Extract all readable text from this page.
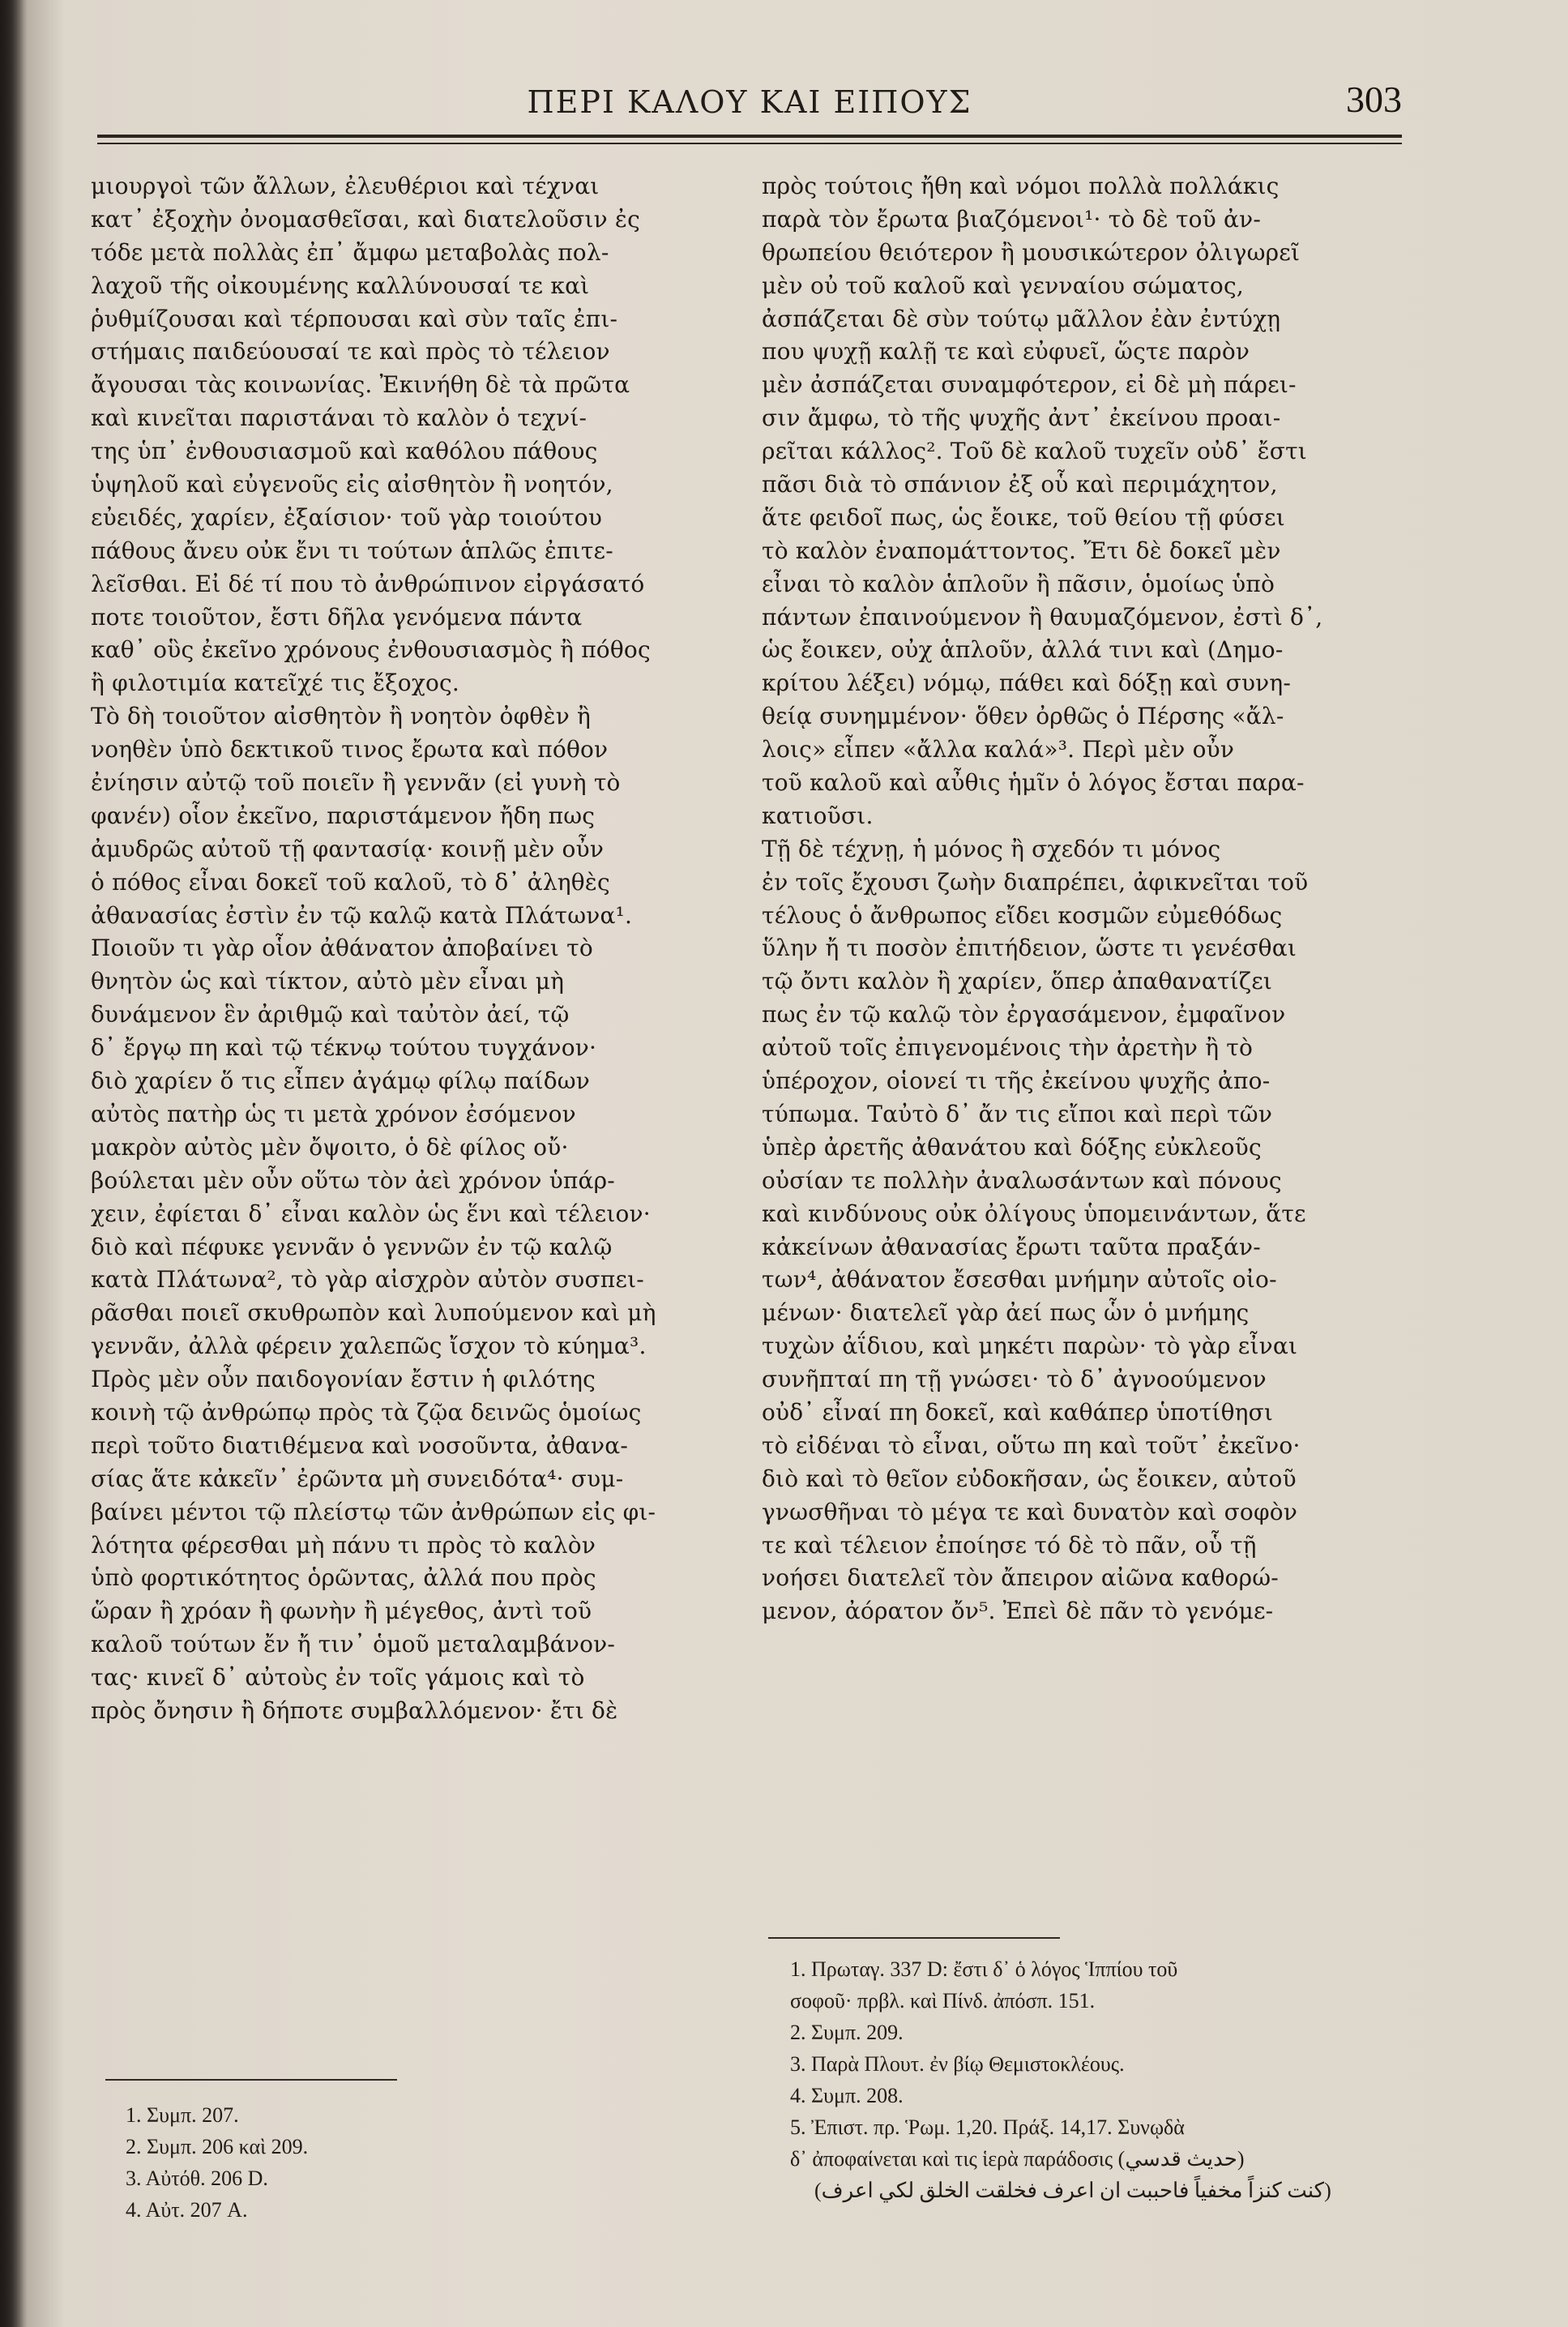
ΠΕΡΙ ΚΑΛΟΥ ΚΑΙ ΕΙΠΟΥΣ	303
μιουργοὶ τῶν ἄλλων, ἐλευθέριοι καὶ τέχναι
κατ᾽ ἐξοχὴν ὀνομασθεῖσαι, καὶ διατελοῦσιν ἐς
τόδε μετὰ πολλὰς ἐπ᾽ ἄμφω μεταβολὰς πολ-
λαχοῦ τῆς οἰκουμένης καλλύνουσαί τε καὶ
ῥυθμίζουσαι καὶ τέρπουσαι καὶ σὺν ταῖς ἐπι-
στήμαις παιδεύουσαί τε καὶ πρὸς τὸ τέλειον
ἄγουσαι τὰς κοινωνίας. Ἐκινήθη δὲ τὰ πρῶτα
καὶ κινεῖται παριστάναι τὸ καλὸν ὁ τεχνί-
της ὑπ᾽ ἐνθουσιασμοῦ καὶ καθόλου πάθους
ὑψηλοῦ καὶ εὐγενοῦς εἰς αἰσθητὸν ἢ νοητόν,
εὐειδές, χαρίεν, ἐξαίσιον· τοῦ γὰρ τοιούτου
πάθους ἄνευ οὐκ ἔνι τι τούτων ἁπλῶς ἐπιτε-
λεῖσθαι. Εἰ δέ τί που τὸ ἀνθρώπινον εἰργάσατό
ποτε τοιοῦτον, ἔστι δῆλα γενόμενα πάντα
καθ᾽ οὓς ἐκεῖνο χρόνους ἐνθουσιασμὸς ἢ πόθος
ἢ φιλοτιμία κατεῖχέ τις ἔξοχος.
Τὸ δὴ τοιοῦτον αἰσθητὸν ἢ νοητὸν ὀφθὲν ἢ
νοηθὲν ὑπὸ δεκτικοῦ τινος ἔρωτα καὶ πόθον
ἐνίησιν αὐτῷ τοῦ ποιεῖν ἢ γεννᾶν (εἰ γυνὴ τὸ
φανέν) οἷον ἐκεῖνο, παριστάμενον ἤδη πως
ἀμυδρῶς αὐτοῦ τῇ φαντασίᾳ· κοινῇ μὲν οὖν
ὁ πόθος εἶναι δοκεῖ τοῦ καλοῦ, τὸ δ᾽ ἀληθὲς
ἀθανασίας ἐστὶν ἐν τῷ καλῷ κατὰ Πλάτωνα¹.
Ποιοῦν τι γὰρ οἷον ἀθάνατον ἀποβαίνει τὸ
θνητὸν ὡς καὶ τίκτον, αὐτὸ μὲν εἶναι μὴ
δυνάμενον ἓν ἀριθμῷ καὶ ταὐτὸν ἀεί, τῷ
δ᾽ ἔργῳ πη καὶ τῷ τέκνῳ τούτου τυγχάνον·
διὸ χαρίεν ὅ τις εἶπεν ἀγάμῳ φίλῳ παίδων
αὐτὸς πατὴρ ὡς τι μετὰ χρόνον ἐσόμενον
μακρὸν αὐτὸς μὲν ὄψοιτο, ὁ δὲ φίλος οὔ·
βούλεται μὲν οὖν οὕτω τὸν ἀεὶ χρόνον ὑπάρ-
χειν, ἐφίεται δ᾽ εἶναι καλὸν ὡς ἕνι καὶ τέλειον·
διὸ καὶ πέφυκε γεννᾶν ὁ γεννῶν ἐν τῷ καλῷ
κατὰ Πλάτωνα², τὸ γὰρ αἰσχρὸν αὐτὸν συσπει-
ρᾶσθαι ποιεῖ σκυθρωπὸν καὶ λυπούμενον καὶ μὴ
γεννᾶν, ἀλλὰ φέρειν χαλεπῶς ἴσχον τὸ κύημα³.
Πρὸς μὲν οὖν παιδογονίαν ἔστιν ἡ φιλότης
κοινὴ τῷ ἀνθρώπῳ πρὸς τὰ ζῷα δεινῶς ὁμοίως
περὶ τοῦτο διατιθέμενα καὶ νοσοῦντα, ἀθανα-
σίας ἅτε κἀκεῖν᾽ ἐρῶντα μὴ συνειδότα⁴· συμ-
βαίνει μέντοι τῷ πλείστῳ τῶν ἀνθρώπων εἰς φι-
λότητα φέρεσθαι μὴ πάνυ τι πρὸς τὸ καλὸν
ὑπὸ φορτικότητος ὁρῶντας, ἀλλά που πρὸς
ὥραν ἢ χρόαν ἢ φωνὴν ἢ μέγεθος, ἀντὶ τοῦ
καλοῦ τούτων ἔν ἤ τιν᾽ ὁμοῦ μεταλαμβάνον-
τας· κινεῖ δ᾽ αὐτοὺς ἐν τοῖς γάμοις καὶ τὸ
πρὸς ὄνησιν ἢ δήποτε συμβαλλόμενον· ἔτι δὲ
πρὸς τούτοις ἤθη καὶ νόμοι πολλὰ πολλάκις
παρὰ τὸν ἔρωτα βιαζόμενοι¹· τὸ δὲ τοῦ ἀν-
θρωπείου θειότερον ἢ μουσικώτερον ὀλιγωρεῖ
μὲν οὐ τοῦ καλοῦ καὶ γενναίου σώματος,
ἀσπάζεται δὲ σὺν τούτῳ μᾶλλον ἐὰν ἐντύχῃ
που ψυχῇ καλῇ τε καὶ εὐφυεῖ, ὥςτε παρὸν
μὲν ἀσπάζεται συναμφότερον, εἰ δὲ μὴ πάρει-
σιν ἄμφω, τὸ τῆς ψυχῆς ἀντ᾽ ἐκείνου προαι-
ρεῖται κάλλος². Τοῦ δὲ καλοῦ τυχεῖν οὐδ᾽ ἔστι
πᾶσι διὰ τὸ σπάνιον ἐξ οὗ καὶ περιμάχητον,
ἅτε φειδοῖ πως, ὡς ἔοικε, τοῦ θείου τῇ φύσει
τὸ καλὸν ἐναπομάττοντος. Ἔτι δὲ δοκεῖ μὲν
εἶναι τὸ καλὸν ἁπλοῦν ἢ πᾶσιν, ὁμοίως ὑπὸ
πάντων ἐπαινούμενον ἢ θαυμαζόμενον, ἐστὶ δ᾽,
ὡς ἔοικεν, οὐχ ἁπλοῦν, ἀλλά τινι καὶ (Δημο-
κρίτου λέξει) νόμῳ, πάθει καὶ δόξῃ καὶ συνη-
θείᾳ συνημμένον· ὅθεν ὀρθῶς ὁ Πέρσης «ἄλ-
λοις» εἶπεν «ἄλλα καλά»³. Περὶ μὲν οὖν
τοῦ καλοῦ καὶ αὖθις ἡμῖν ὁ λόγος ἔσται παρα-
κατιοῦσι.
Τῇ δὲ τέχνῃ, ἡ μόνος ἢ σχεδόν τι μόνος
ἐν τοῖς ἔχουσι ζωὴν διαπρέπει, ἀφικνεῖται τοῦ
τέλους ὁ ἄνθρωπος εἴδει κοσμῶν εὐμεθόδως
ὕλην ἤ τι ποσὸν ἐπιτήδειον, ὥστε τι γενέσθαι
τῷ ὄντι καλὸν ἢ χαρίεν, ὅπερ ἀπαθανατίζει
πως ἐν τῷ καλῷ τὸν ἐργασάμενον, ἐμφαῖνον
αὐτοῦ τοῖς ἐπιγενομένοις τὴν ἀρετὴν ἢ τὸ
ὑπέροχον, οἱονεί τι τῆς ἐκείνου ψυχῆς ἀπο-
τύπωμα. Ταὐτὸ δ᾽ ἄν τις εἴποι καὶ περὶ τῶν
ὑπὲρ ἀρετῆς ἀθανάτου καὶ δόξης εὐκλεοῦς
οὐσίαν τε πολλὴν ἀναλωσάντων καὶ πόνους
καὶ κινδύνους οὐκ ὀλίγους ὑπομεινάντων, ἅτε
κἀκείνων ἀθανασίας ἔρωτι ταῦτα πραξάν-
των⁴, ἀθάνατον ἔσεσθαι μνήμην αὐτοῖς οἰο-
μένων· διατελεῖ γὰρ ἀεί πως ὧν ὁ μνήμης
τυχὼν ἀΐδιου, καὶ μηκέτι παρὼν· τὸ γὰρ εἶναι
συνῆπταί πη τῇ γνώσει· τὸ δ᾽ ἀγνοούμενον
οὐδ᾽ εἶναί πη δοκεῖ, καὶ καθάπερ ὑποτίθησι
τὸ εἰδέναι τὸ εἶναι, οὕτω πη καὶ τοῦτ᾽ ἐκεῖνο·
διὸ καὶ τὸ θεῖον εὐδοκῆσαν, ὡς ἔοικεν, αὐτοῦ
γνωσθῆναι τὸ μέγα τε καὶ δυνατὸν καὶ σοφὸν
τε καὶ τέλειον ἐποίησε τό δὲ τὸ πᾶν, οὗ τῇ
νοήσει διατελεῖ τὸν ἄπειρον αἰῶνα καθορώ-
μενον, ἀόρατον ὄν⁵. Ἐπεὶ δὲ πᾶν τὸ γενόμε-
1. Συμπ. 207.
2. Συμπ. 206 καὶ 209.
3. Αὐτόθ. 206 D.
4. Αὐτ. 207 A.
1. Πρωταγ. 337 D: ἔστι δ᾽ ὁ λόγος Ἱππίου τοῦ
σοφοῦ· πρβλ. καὶ Πίνδ. ἀπόσπ. 151.
2. Συμπ. 209.
3. Παρὰ Πλουτ. ἐν βίῳ Θεμιστοκλέους.
4. Συμπ. 208.
5. Ἐπιστ. πρ. Ῥωμ. 1,20. Πράξ. 14,17. Συνῳδὰ
δ᾽ ἀποφαίνεται καὶ τις ἱερὰ παράδοσις (حديث قدسي)
(كنت كنزاً مخفياً فاحببت ان اعرف فخلقت الخلق لكي اعرف)
